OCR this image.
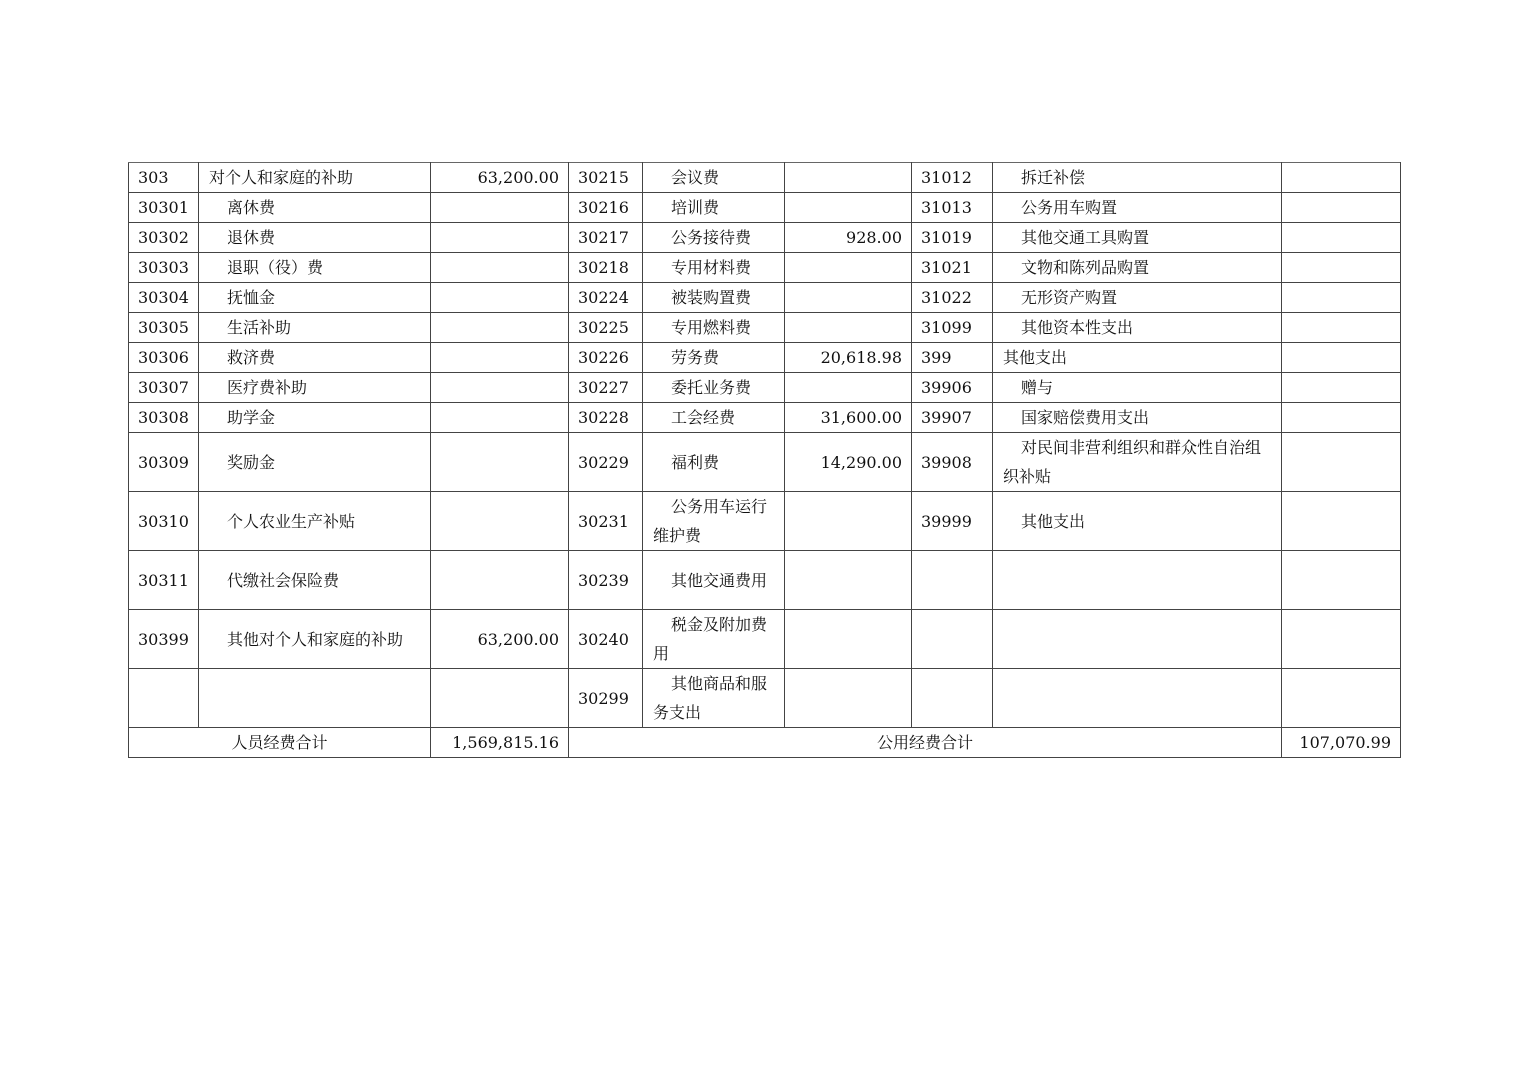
303	对个人和家庭的补助	63,200.00	30215	会议费		31012	拆迁补偿	
30301	离休费		30216	培训费		31013	公务用车购置	
30302	退休费		30217	公务接待费	928.00	31019	其他交通工具购置	
30303	退职（役）费		30218	专用材料费		31021	文物和陈列品购置	
30304	抚恤金		30224	被装购置费		31022	无形资产购置	
30305	生活补助		30225	专用燃料费		31099	其他资本性支出	
30306	救济费		30226	劳务费	20,618.98	399	其他支出	
30307	医疗费补助		30227	委托业务费		39906	赠与	
30308	助学金		30228	工会经费	31,600.00	39907	国家赔偿费用支出	
30309	奖励金		30229	福利费	14,290.00	39908	对民间非营利组织和群众性自治组织补贴	
30310	个人农业生产补贴		30231	公务用车运行维护费		39999	其他支出	
30311	代缴社会保险费		30239	其他交通费用				
30399	其他对个人和家庭的补助	63,200.00	30240	税金及附加费用				
			30299	其他商品和服务支出				
人员经费合计		1,569,815.16	公用经费合计					107,070.99
